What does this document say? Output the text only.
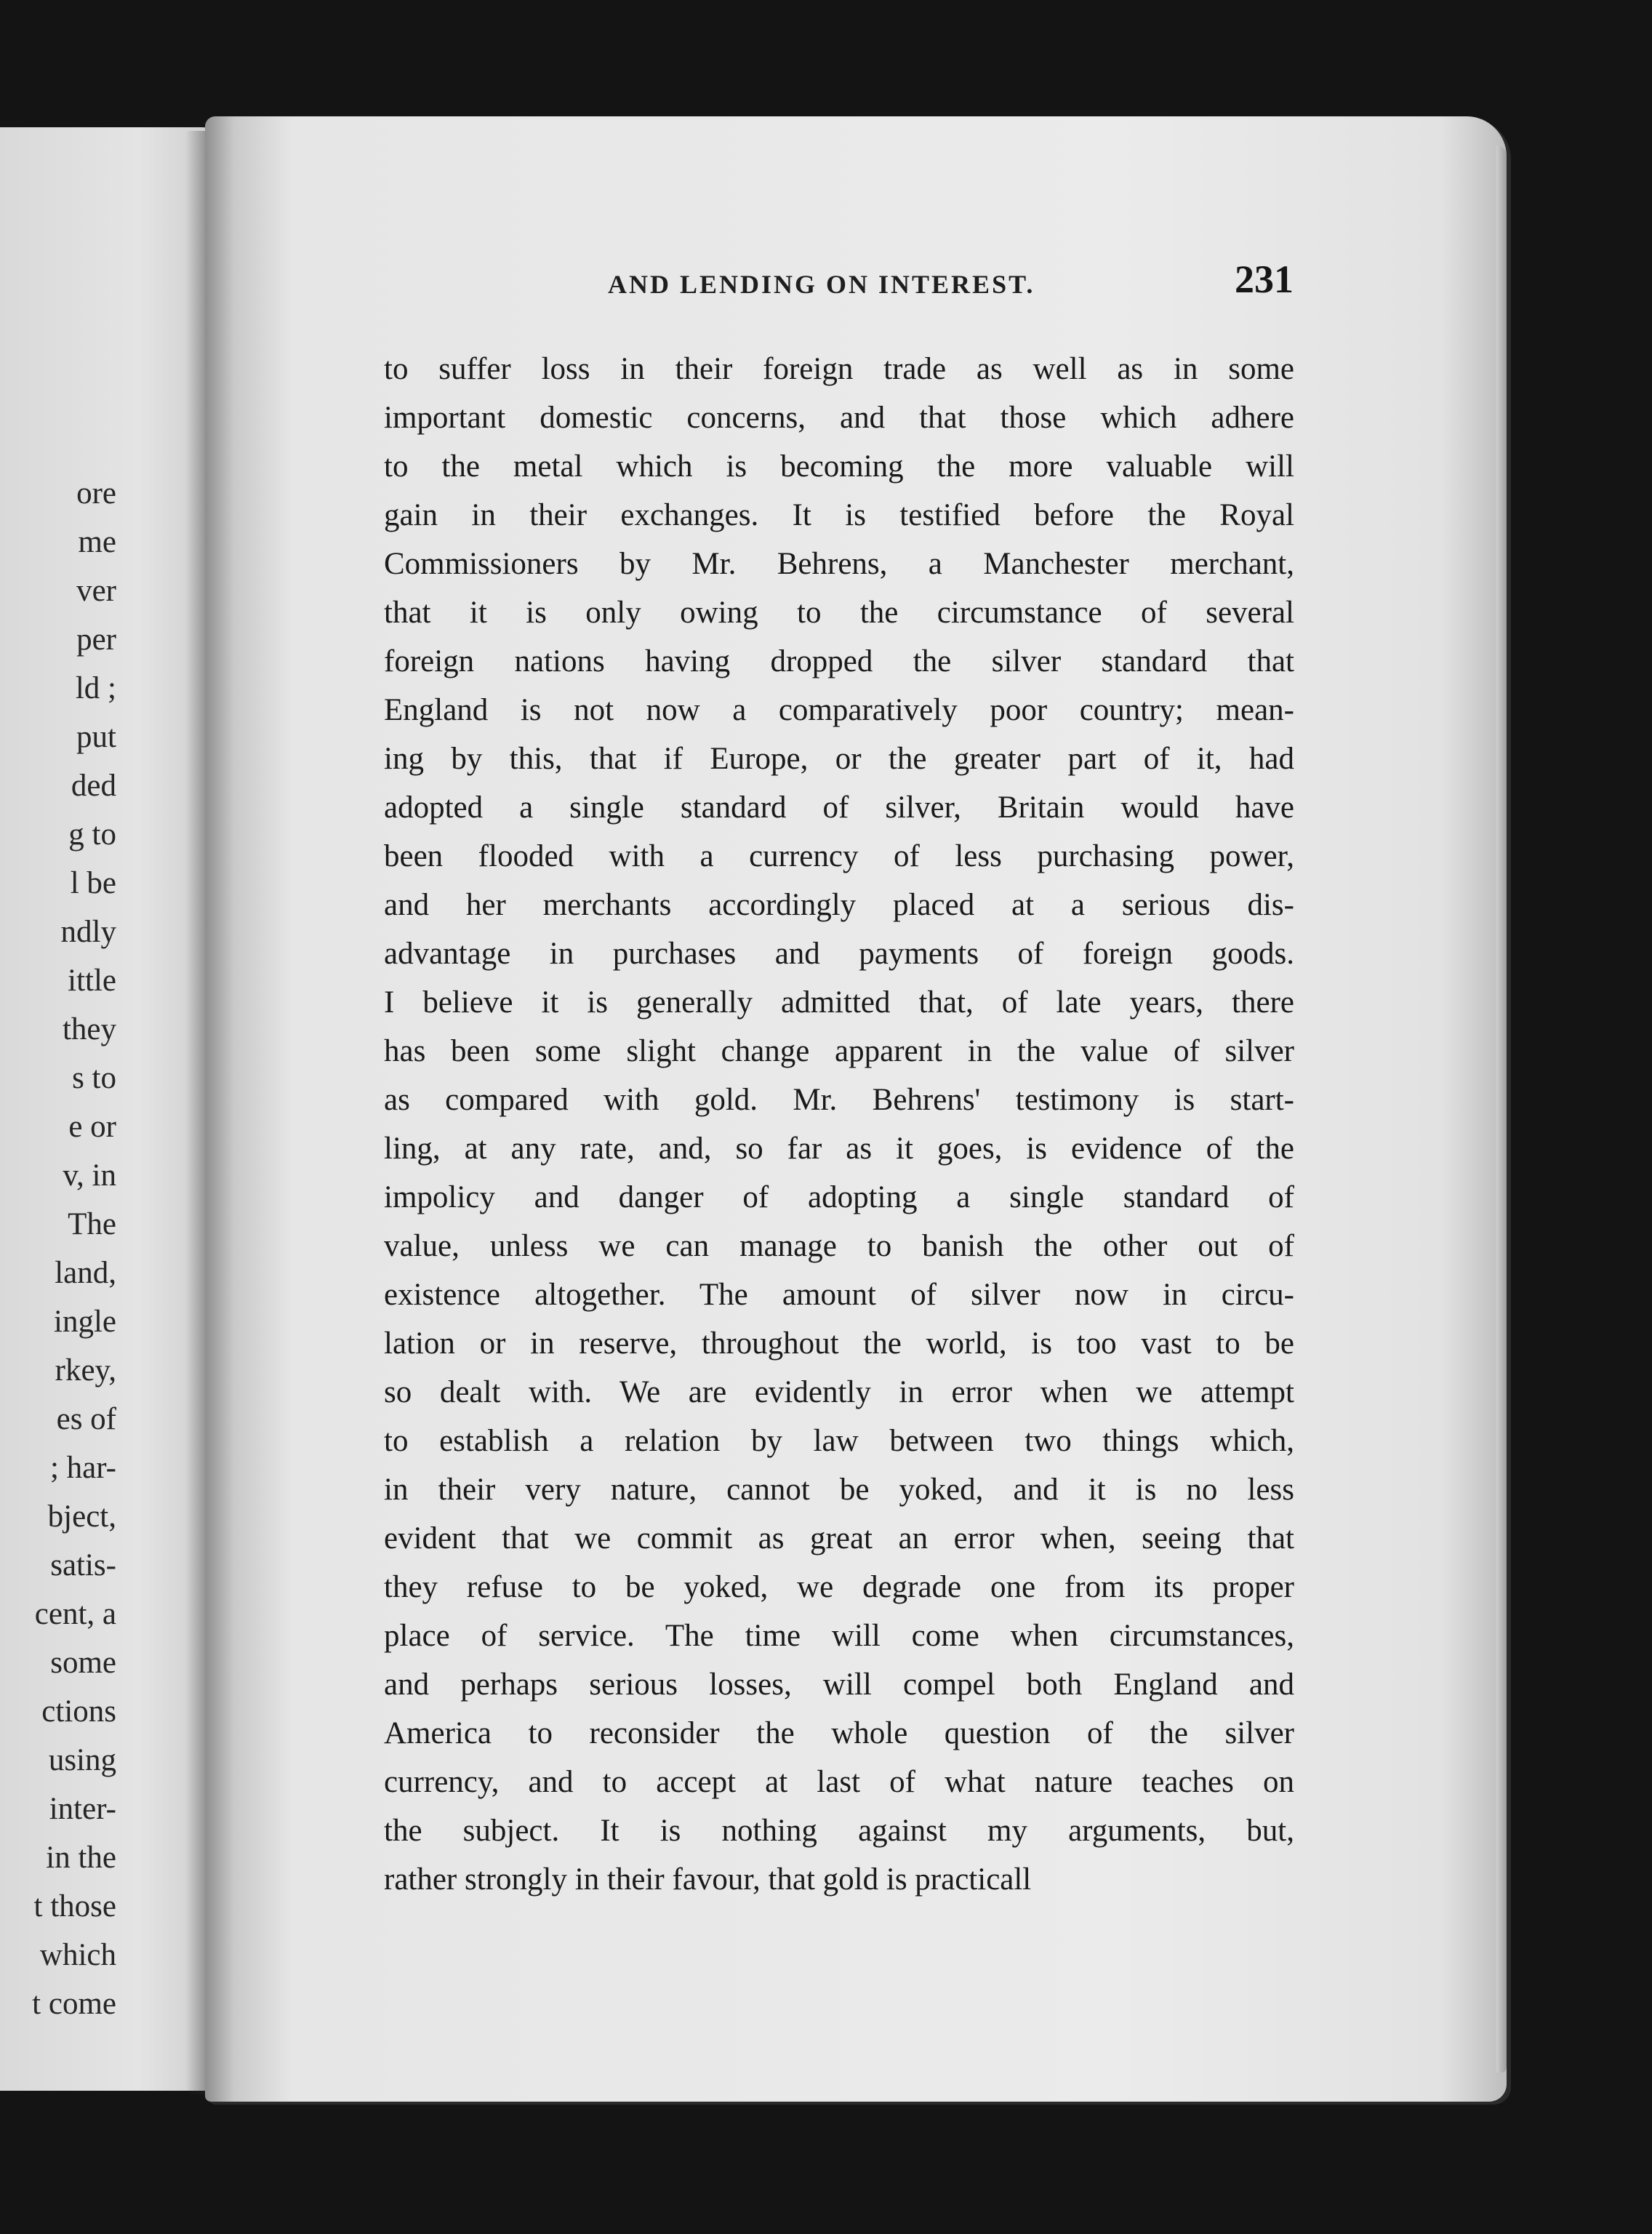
ore
me
ver
per
ld ;
put
ded
g to
l be
ndly
ittle
they
s to
e or
v, in
The
land,
ingle
rkey,
es of
; har-
bject,
satis-
cent, a
some
ctions
using
inter-
in the
t those
which
t come
AND LENDING ON INTEREST.	231
to suffer loss in their foreign trade as well as in some
important domestic concerns, and that those which adhere
to the metal which is becoming the more valuable will
gain in their exchanges. It is testified before the Royal
Commissioners by Mr. Behrens, a Manchester merchant,
that it is only owing to the circumstance of several
foreign nations having dropped the silver standard that
England is not now a comparatively poor country; mean-
ing by this, that if Europe, or the greater part of it, had
adopted a single standard of silver, Britain would have
been flooded with a currency of less purchasing power,
and her merchants accordingly placed at a serious dis-
advantage in purchases and payments of foreign goods.
I believe it is generally admitted that, of late years, there
has been some slight change apparent in the value of silver
as compared with gold. Mr. Behrens' testimony is start-
ling, at any rate, and, so far as it goes, is evidence of the
impolicy and danger of adopting a single standard of
value, unless we can manage to banish the other out of
existence altogether. The amount of silver now in circu-
lation or in reserve, throughout the world, is too vast to be
so dealt with. We are evidently in error when we attempt
to establish a relation by law between two things which,
in their very nature, cannot be yoked, and it is no less
evident that we commit as great an error when, seeing that
they refuse to be yoked, we degrade one from its proper
place of service. The time will come when circumstances,
and perhaps serious losses, will compel both England and
America to reconsider the whole question of the silver
currency, and to accept at last of what nature teaches on
the subject. It is nothing against my arguments, but,
rather strongly in their favour, that gold is practicall
